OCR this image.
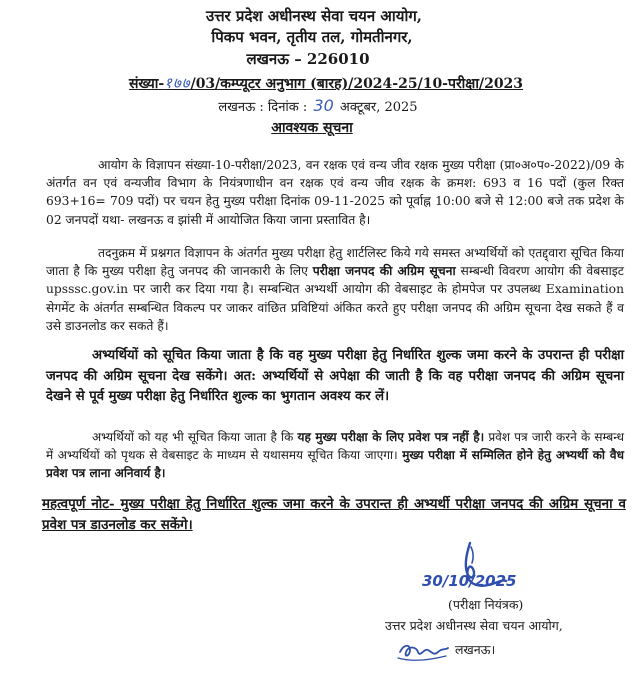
उत्तर प्रदेश अधीनस्थ सेवा चयन आयोग,
पिकप भवन, तृतीय तल, गोमतीनगर,
लखनऊ – 226010
संख्या-१७७/03/कम्प्यूटर अनुभाग (बारह)/2024-25/10-परीक्षा/2023
लखनऊ : दिनांक : 30 अक्टूबर, 2025
आवश्यक सूचना

आयोग के विज्ञापन संख्या-10-परीक्षा/2023, वन रक्षक एवं वन्य जीव रक्षक मुख्य परीक्षा (प्रा०अ०प०-2022)/09 के अंतर्गत वन एवं वन्यजीव विभाग के नियंत्रणाधीन वन रक्षक एवं वन्य जीव रक्षक के क्रमश: 693 व 16 पदों (कुल रिक्त 693+16= 709 पदों) पर चयन हेतु मुख्य परीक्षा दिनांक 09-11-2025 को पूर्वाह्न 10:00 बजे से 12:00 बजे तक प्रदेश के 02 जनपदों यथा- लखनऊ व झांसी में आयोजित किया जाना प्रस्तावित है।

तदनुक्रम में प्रश्नगत विज्ञापन के अंतर्गत मुख्य परीक्षा हेतु शार्टलिस्ट किये गये समस्त अभ्यर्थियों को एतद्द्वारा सूचित किया जाता है कि मुख्य परीक्षा हेतु जनपद की जानकारी के लिए परीक्षा जनपद की अग्रिम सूचना सम्बन्धी विवरण आयोग की वेबसाइट upsssc.gov.in पर जारी कर दिया गया है। सम्बन्धित अभ्यर्थी आयोग की वेबसाइट के होमपेज पर उपलब्ध Examination सेगमेंट के अंतर्गत सम्बन्धित विकल्प पर जाकर वांछित प्रविष्टियां अंकित करते हुए परीक्षा जनपद की अग्रिम सूचना देख सकते हैं व उसे डाउनलोड कर सकते हैं।

अभ्यर्थियों को सूचित किया जाता है कि वह मुख्य परीक्षा हेतु निर्धारित शुल्क जमा करने के उपरान्त ही परीक्षा जनपद की अग्रिम सूचना देख सकेंगे। अत: अभ्यर्थियों से अपेक्षा की जाती है कि वह परीक्षा जनपद की अग्रिम सूचना देखने से पूर्व मुख्य परीक्षा हेतु निर्धारित शुल्क का भुगतान अवश्य कर लें।

अभ्यर्थियों को यह भी सूचित किया जाता है कि यह मुख्य परीक्षा के लिए प्रवेश पत्र नहीं है। प्रवेश पत्र जारी करने के सम्बन्ध में अभ्यर्थियों को पृथक से वेबसाइट के माध्यम से यथासमय सूचित किया जाएगा। मुख्य परीक्षा में सम्मिलित होने हेतु अभ्यर्थी को वैध प्रवेश पत्र लाना अनिवार्य है।

महत्वपूर्ण नोट- मुख्य परीक्षा हेतु निर्धारित शुल्क जमा करने के उपरान्त ही अभ्यर्थी परीक्षा जनपद की अग्रिम सूचना व प्रवेश पत्र डाउनलोड कर सकेंगे।

30/10/2025
(परीक्षा नियंत्रक)
उत्तर प्रदेश अधीनस्थ सेवा चयन आयोग,
लखनऊ।
